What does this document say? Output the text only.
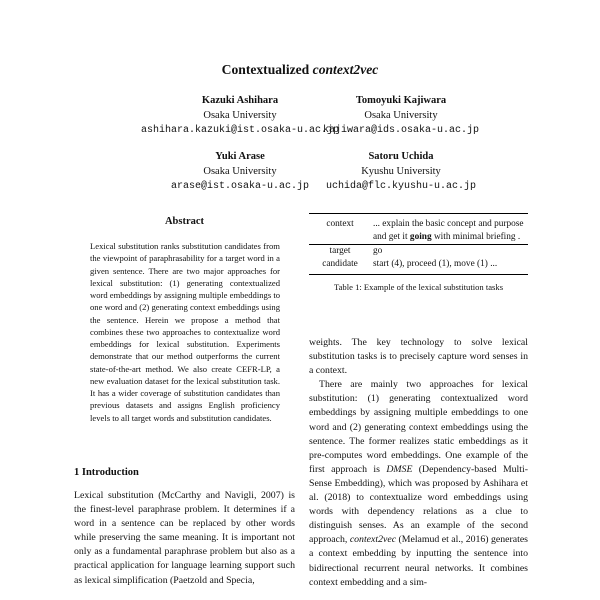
Contextualized context2vec
Kazuki Ashihara
Osaka University
ashihara.kazuki@ist.osaka-u.ac.jp
Tomoyuki Kajiwara
Osaka University
kajiwara@ids.osaka-u.ac.jp
Yuki Arase
Osaka University
arase@ist.osaka-u.ac.jp
Satoru Uchida
Kyushu University
uchida@flc.kyushu-u.ac.jp
Abstract
Lexical substitution ranks substitution candidates from the viewpoint of paraphrasability for a target word in a given sentence. There are two major approaches for lexical substitution: (1) generating contextualized word embeddings by assigning multiple embeddings to one word and (2) generating context embeddings using the sentence. Herein we propose a method that combines these two approaches to contextualize word embeddings for lexical substitution. Experiments demonstrate that our method outperforms the current state-of-the-art method. We also create CEFR-LP, a new evaluation dataset for the lexical substitution task. It has a wider coverage of substitution candidates than previous datasets and assigns English proficiency levels to all target words and substitution candidates.
1 Introduction

Lexical substitution (McCarthy and Navigli, 2007) is the finest-level paraphrase problem. It determines if a word in a sentence can be replaced by other words while preserving the same meaning. It is important not only as a fundamental paraphrase problem but also as a practical application for language learning support such as lexical simplification (Paetzold and Specia,

context	... explain the basic concept and purpose and get it going with minimal briefing .
target	go
candidate	start (4), proceed (1), move (1) ...
Table 1: Example of the lexical substitution tasks

weights. The key technology to solve lexical substitution tasks is to precisely capture word senses in a context.

There are mainly two approaches for lexical substitution: (1) generating contextualized word embeddings by assigning multiple embeddings to one word and (2) generating context embeddings using the sentence. The former realizes static embeddings as it pre-computes word embeddings. One example of the first approach is DMSE (Dependency-based Multi-Sense Embedding), which was proposed by Ashihara et al. (2018) to contextualize word embeddings using words with dependency relations as a clue to distinguish senses. As an example of the second approach, context2vec (Melamud et al., 2016) generates a context embedding by inputting the sentence into bidirectional recurrent neural networks. It combines context embedding and a sim-
